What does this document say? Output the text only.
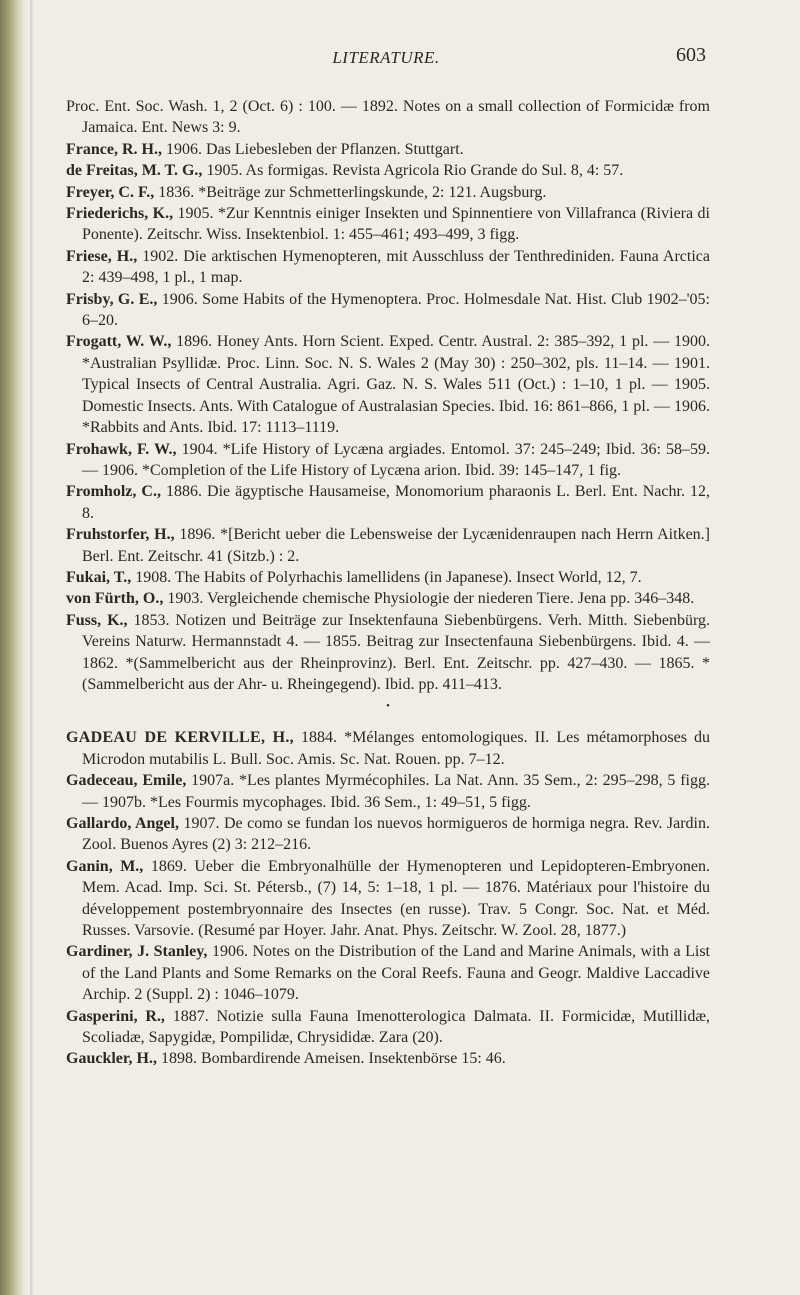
LITERATURE.	603

Proc. Ent. Soc. Wash. 1, 2 (Oct. 6) : 100. — 1892. Notes on a small collection of Formicidæ from Jamaica. Ent. News 3: 9.

France, R. H., 1906. Das Liebesleben der Pflanzen. Stuttgart.

de Freitas, M. T. G., 1905. As formigas. Revista Agricola Rio Grande do Sul. 8, 4: 57.

Freyer, C. F., 1836. *Beiträge zur Schmetterlingskunde, 2: 121. Augsburg.

Friederichs, K., 1905. *Zur Kenntnis einiger Insekten und Spinnentiere von Villafranca (Riviera di Ponente). Zeitschr. Wiss. Insektenbiol. 1: 455–461; 493–499, 3 figg.

Friese, H., 1902. Die arktischen Hymenopteren, mit Ausschluss der Tenthrediniden. Fauna Arctica 2: 439–498, 1 pl., 1 map.

Frisby, G. E., 1906. Some Habits of the Hymenoptera. Proc. Holmesdale Nat. Hist. Club 1902–'05: 6–20.

Frogatt, W. W., 1896. Honey Ants. Horn Scient. Exped. Centr. Austral. 2: 385–392, 1 pl. — 1900. *Australian Psyllidæ. Proc. Linn. Soc. N. S. Wales 2 (May 30) : 250–302, pls. 11–14. — 1901. Typical Insects of Central Australia. Agri. Gaz. N. S. Wales 511 (Oct.) : 1–10, 1 pl. — 1905. Domestic Insects. Ants. With Catalogue of Australasian Species. Ibid. 16: 861–866, 1 pl. — 1906. *Rabbits and Ants. Ibid. 17: 1113–1119.

Frohawk, F. W., 1904. *Life History of Lycæna argiades. Entomol. 37: 245–249; Ibid. 36: 58–59. — 1906. *Completion of the Life History of Lycæna arion. Ibid. 39: 145–147, 1 fig.

Fromholz, C., 1886. Die ägyptische Hausameise, Monomorium pharaonis L. Berl. Ent. Nachr. 12, 8.

Fruhstorfer, H., 1896. *[Bericht ueber die Lebensweise der Lycænidenraupen nach Herrn Aitken.] Berl. Ent. Zeitschr. 41 (Sitzb.) : 2.

Fukai, T., 1908. The Habits of Polyrhachis lamellidens (in Japanese). Insect World, 12, 7.

von Fürth, O., 1903. Vergleichende chemische Physiologie der niederen Tiere. Jena pp. 346–348.

Fuss, K., 1853. Notizen und Beiträge zur Insektenfauna Siebenbürgens. Verh. Mitth. Siebenbürg. Vereins Naturw. Hermannstadt 4. — 1855. Beitrag zur Insectenfauna Siebenbürgens. Ibid. 4. — 1862. *(Sammelbericht aus der Rheinprovinz). Berl. Ent. Zeitschr. pp. 427–430. — 1865. *(Sammelbericht aus der Ahr- u. Rheingegend). Ibid. pp. 411–413.

•

GADEAU DE KERVILLE, H., 1884. *Mélanges entomologiques. II. Les métamorphoses du Microdon mutabilis L. Bull. Soc. Amis. Sc. Nat. Rouen. pp. 7–12.

Gadeceau, Emile, 1907a. *Les plantes Myrmécophiles. La Nat. Ann. 35 Sem., 2: 295–298, 5 figg. — 1907b. *Les Fourmis mycophages. Ibid. 36 Sem., 1: 49–51, 5 figg.

Gallardo, Angel, 1907. De como se fundan los nuevos hormigueros de hormiga negra. Rev. Jardin. Zool. Buenos Ayres (2) 3: 212–216.

Ganin, M., 1869. Ueber die Embryonalhülle der Hymenopteren und Lepidopteren-Embryonen. Mem. Acad. Imp. Sci. St. Pétersb., (7) 14, 5: 1–18, 1 pl. — 1876. Matériaux pour l'histoire du développement postembryonnaire des Insectes (en russe). Trav. 5 Congr. Soc. Nat. et Méd. Russes. Varsovie. (Resumé par Hoyer. Jahr. Anat. Phys. Zeitschr. W. Zool. 28, 1877.)

Gardiner, J. Stanley, 1906. Notes on the Distribution of the Land and Marine Animals, with a List of the Land Plants and Some Remarks on the Coral Reefs. Fauna and Geogr. Maldive Laccadive Archip. 2 (Suppl. 2) : 1046–1079.

Gasperini, R., 1887. Notizie sulla Fauna Imenotterologica Dalmata. II. Formicidæ, Mutillidæ, Scoliadæ, Sapygidæ, Pompilidæ, Chrysididæ. Zara (20).

Gauckler, H., 1898. Bombardirende Ameisen. Insektenbörse 15: 46.
